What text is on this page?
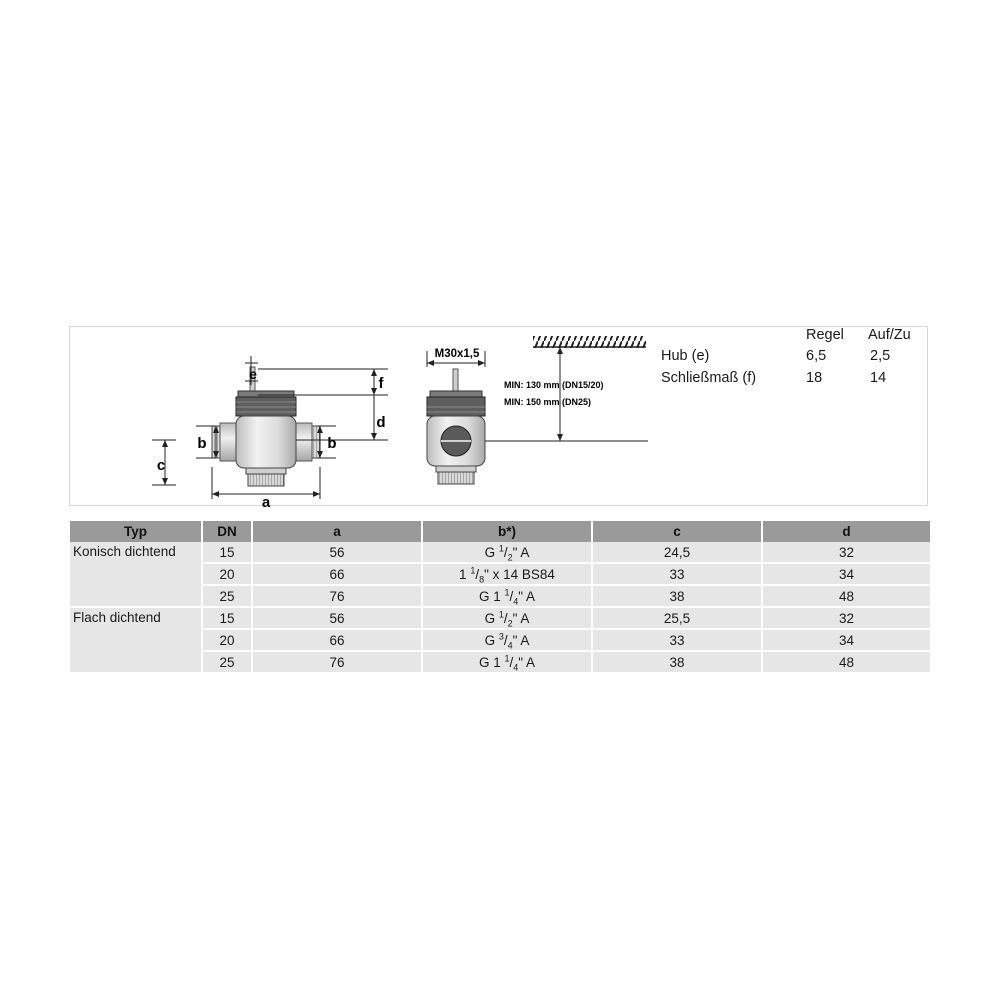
b
c
b
a
e
f
d
M30x1,5
MIN: 130 mm (DN15/20)
MIN: 150 mm (DN25)
Regel Auf/Zu
Hub (e)	6,5	2,5
Schließmaß (f)	18	14
Typ	DN	a	b*)	c	d
Konisch dichtend	15	56	G $^1/_2$" A	24,5	32
	20	66	1 $^1/_8$" x 14 BS84	33	34
	25	76	G 1 $^1/_4$" A	38	48
Flach dichtend	15	56	G $^1/_2$" A	25,5	32
	20	66	G $^3/_4$" A	33	34
	25	76	G 1 $^1/_4$" A	38	48
